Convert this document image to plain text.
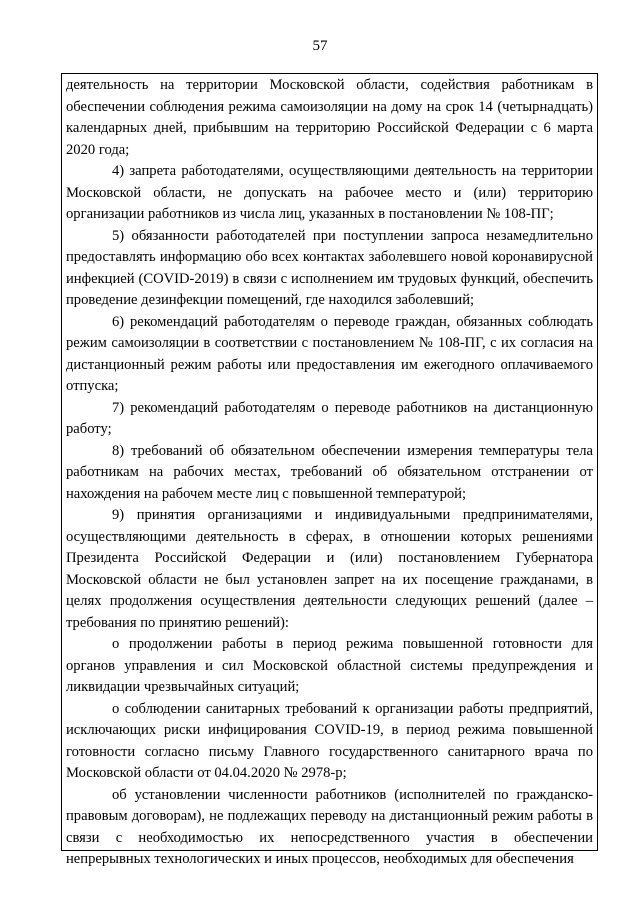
57

деятельность на территории Московской области, содействия работникам в обеспечении соблюдения режима самоизоляции на дому на срок 14 (четырнадцать) календарных дней, прибывшим на территорию Российской Федерации с 6 марта 2020 года;

4) запрета работодателями, осуществляющими деятельность на территории Московской области, не допускать на рабочее место и (или) территорию организации работников из числа лиц, указанных в постановлении № 108-ПГ;

5) обязанности работодателей при поступлении запроса незамедлительно предоставлять информацию обо всех контактах заболевшего новой коронавирусной инфекцией (COVID-2019) в связи с исполнением им трудовых функций, обеспечить проведение дезинфекции помещений, где находился заболевший;

6) рекомендаций работодателям о переводе граждан, обязанных соблюдать режим самоизоляции в соответствии с постановлением № 108-ПГ, с их согласия на дистанционный режим работы или предоставления им ежегодного оплачиваемого отпуска;

7) рекомендаций работодателям о переводе работников на дистанционную работу;

8) требований об обязательном обеспечении измерения температуры тела работникам на рабочих местах, требований об обязательном отстранении от нахождения на рабочем месте лиц с повышенной температурой;

9) принятия организациями и индивидуальными предпринимателями, осуществляющими деятельность в сферах, в отношении которых решениями Президента Российской Федерации и (или) постановлением Губернатора Московской области не был установлен запрет на их посещение гражданами, в целях продолжения осуществления деятельности следующих решений (далее – требования по принятию решений):

о продолжении работы в период режима повышенной готовности для органов управления и сил Московской областной системы предупреждения и ликвидации чрезвычайных ситуаций;

о соблюдении санитарных требований к организации работы предприятий, исключающих риски инфицирования COVID-19, в период режима повышенной готовности согласно письму Главного государственного санитарного врача по Московской области от 04.04.2020 № 2978-р;

об установлении численности работников (исполнителей по гражданско-правовым договорам), не подлежащих переводу на дистанционный режим работы в связи с необходимостью их непосредственного участия в обеспечении непрерывных технологических и иных процессов, необходимых для обеспечения
